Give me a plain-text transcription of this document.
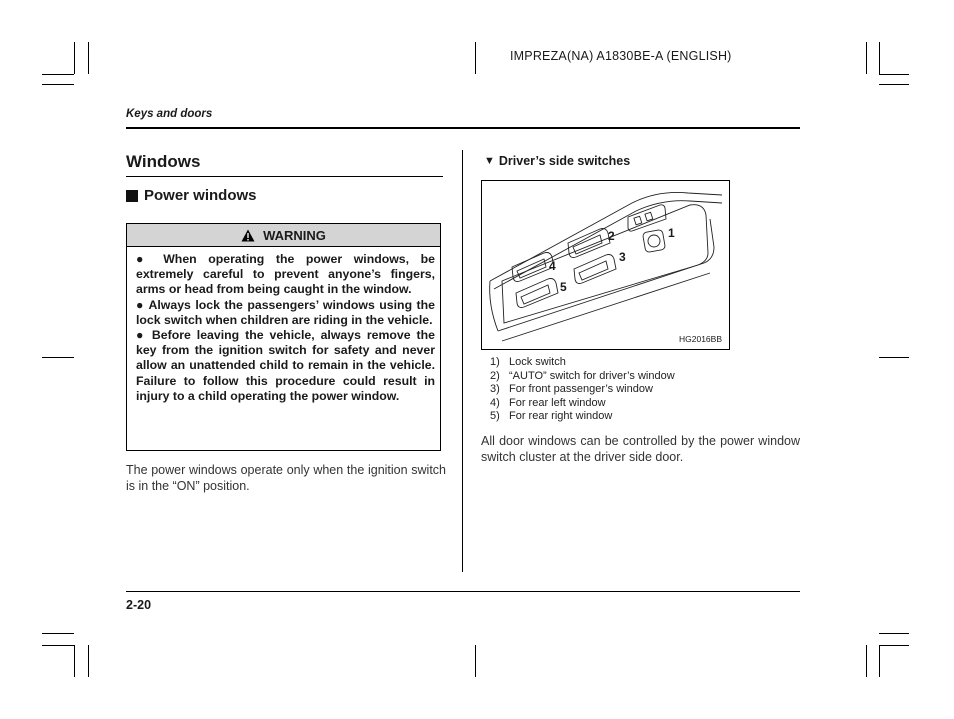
IMPREZA(NA) A1830BE-A (ENGLISH)
Keys and doors
Windows
Power windows
WARNING

● When operating the power windows, be extremely careful to prevent anyone’s fingers, arms or head from being caught in the window.

● Always lock the passengers’ windows using the lock switch when children are riding in the vehicle.

● Before leaving the vehicle, always remove the key from the ignition switch for safety and never allow an unattended child to remain in the vehicle. Failure to follow this procedure could result in injury to a child operating the power window.

The power windows operate only when the ignition switch is in the “ON” position.
▼ Driver’s side switches
1
2
3
4
5
HG2016BB
1) Lock switch
2) “AUTO” switch for driver’s window
3) For front passenger’s window
4) For rear left window
5) For rear right window
All door windows can be controlled by the power window switch cluster at the driver side door.
2-20
